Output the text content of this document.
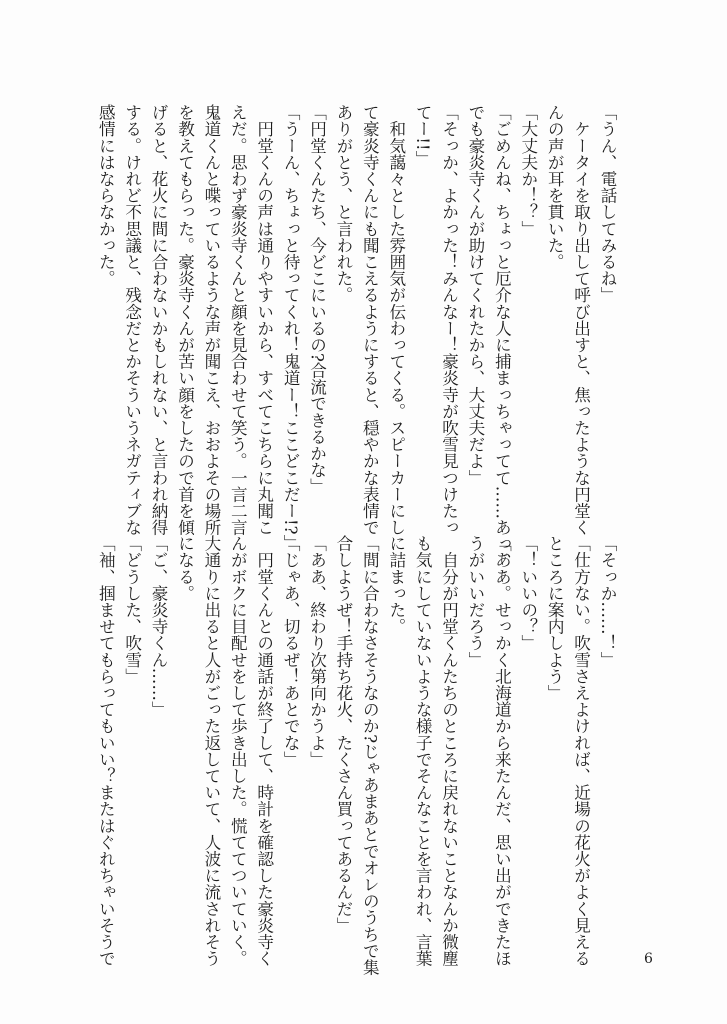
「うん、電話してみるね」
　ケータイを取り出して呼び出すと、焦ったような円堂く
んの声が耳を貫いた。
「大丈夫か！？」
「ごめんね、ちょっと厄介な人に捕まっちゃってて……あっ、
でも豪炎寺くんが助けてくれたから、大丈夫だよ」
「そっか、よかった！みんなー！豪炎寺が吹雪見つけたっ
てー!!」
　和気藹々とした雰囲気が伝わってくる。スピーカーにし
て豪炎寺くんにも聞こえるようにすると、穏やかな表情で
ありがとう、と言われた。
「円堂くんたち、今どこにいるの?合流できるかな」
「うーん、ちょっと待ってくれ！鬼道ー！ここどこだー!?」
　円堂くんの声は通りやすいから、すべてこちらに丸聞こ
えだ。思わず豪炎寺くんと顔を見合わせて笑う。一言二言
鬼道くんと喋っているような声が聞こえ、おおよその場所
を教えてもらった。豪炎寺くんが苦い顔をしたので首を傾
げると、花火に間に合わないかもしれない、と言われ納得
する。けれど不思議と、残念だとかそういうネガティブな
感情にはならなかった。
「そっか……！」
「仕方ない。吹雪さえよければ、近場の花火がよく見える
ところに案内しよう」
「！いいの？」
「ああ。せっかく北海道から来たんだ、思い出ができたほ
うがいいだろう」
　自分が円堂くんたちのところに戻れないことなんか微塵
も気にしていないような様子でそんなことを言われ、言葉
に詰まった。
「間に合わなさそうなのか?じゃあまあとでオレのうちで集
合しようぜ！手持ち花火、たくさん買ってあるんだ」
「ああ、終わり次第向かうよ」
「じゃあ、切るぜ！あとでな」
　円堂くんとの通話が終了して、時計を確認した豪炎寺く
んがボクに目配せをして歩き出した。慌ててついていく。
大通りに出ると人がごった返していて、人波に流されそう
になる。
「ご、豪炎寺くん……」
「どうした、吹雪」
「袖、掴ませてもらってもいい？またはぐれちゃいそうで	6
